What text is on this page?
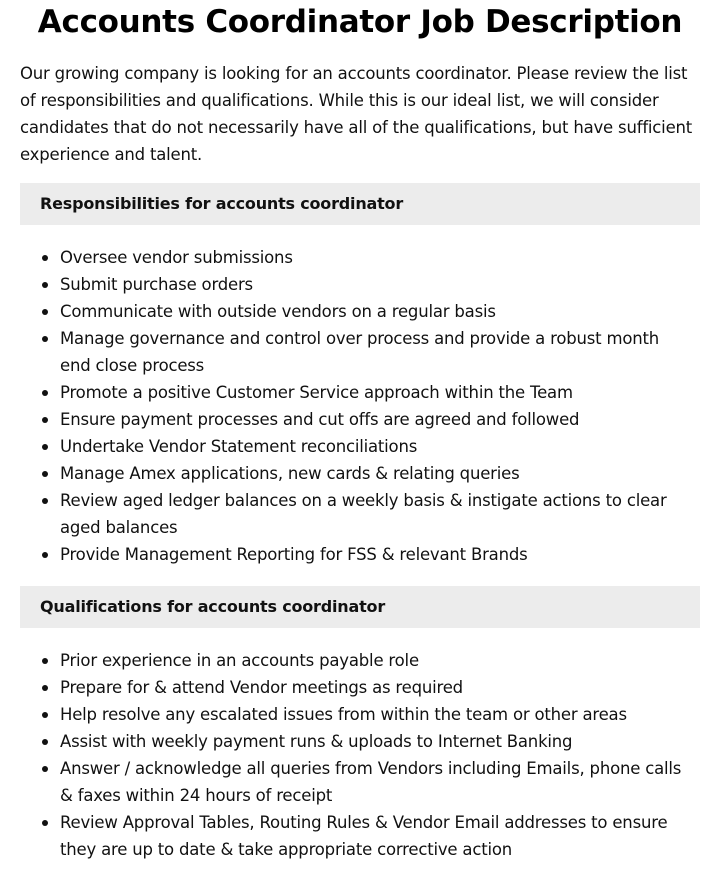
Accounts Coordinator Job Description

Our growing company is looking for an accounts coordinator. Please review the list of responsibilities and qualifications. While this is our ideal list, we will consider candidates that do not necessarily have all of the qualifications, but have sufficient experience and talent.

Responsibilities for accounts coordinator
Oversee vendor submissions
Submit purchase orders
Communicate with outside vendors on a regular basis
Manage governance and control over process and provide a robust month end close process
Promote a positive Customer Service approach within the Team
Ensure payment processes and cut offs are agreed and followed
Undertake Vendor Statement reconciliations
Manage Amex applications, new cards & relating queries
Review aged ledger balances on a weekly basis & instigate actions to clear aged balances
Provide Management Reporting for FSS & relevant Brands
Qualifications for accounts coordinator
Prior experience in an accounts payable role
Prepare for & attend Vendor meetings as required
Help resolve any escalated issues from within the team or other areas
Assist with weekly payment runs & uploads to Internet Banking
Answer / acknowledge all queries from Vendors including Emails, phone calls & faxes within 24 hours of receipt
Review Approval Tables, Routing Rules & Vendor Email addresses to ensure they are up to date & take appropriate corrective action
